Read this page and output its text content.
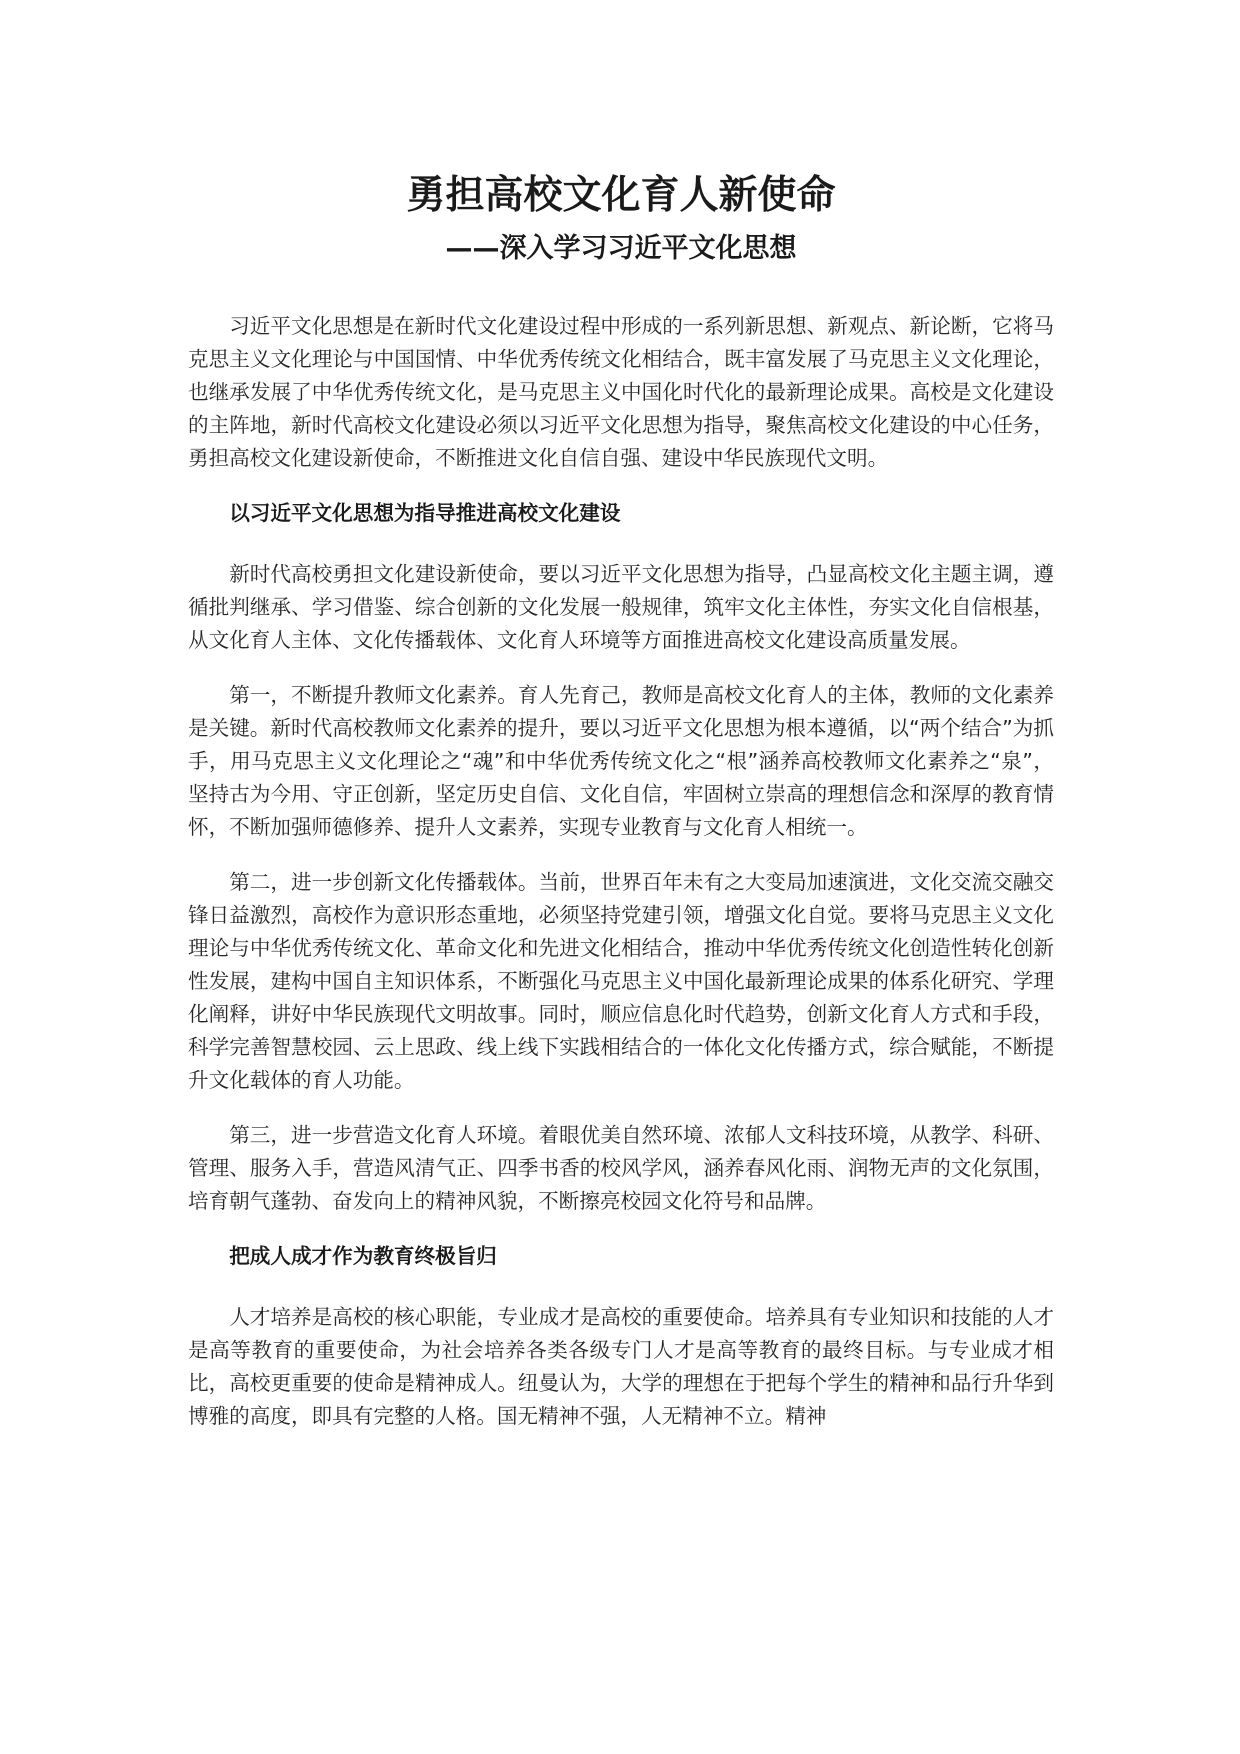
勇担高校文化育人新使命
——深入学习习近平文化思想

习近平文化思想是在新时代文化建设过程中形成的一系列新思想、新观点、新论断，它将马克思主义文化理论与中国国情、中华优秀传统文化相结合，既丰富发展了马克思主义文化理论，也继承发展了中华优秀传统文化，是马克思主义中国化时代化的最新理论成果。高校是文化建设的主阵地，新时代高校文化建设必须以习近平文化思想为指导，聚焦高校文化建设的中心任务，勇担高校文化建设新使命，不断推进文化自信自强、建设中华民族现代文明。

以习近平文化思想为指导推进高校文化建设

新时代高校勇担文化建设新使命，要以习近平文化思想为指导，凸显高校文化主题主调，遵循批判继承、学习借鉴、综合创新的文化发展一般规律，筑牢文化主体性，夯实文化自信根基，从文化育人主体、文化传播载体、文化育人环境等方面推进高校文化建设高质量发展。

第一，不断提升教师文化素养。育人先育己，教师是高校文化育人的主体，教师的文化素养是关键。新时代高校教师文化素养的提升，要以习近平文化思想为根本遵循，以“两个结合”为抓手，用马克思主义文化理论之“魂”和中华优秀传统文化之“根”涵养高校教师文化素养之“泉”，坚持古为今用、守正创新，坚定历史自信、文化自信，牢固树立崇高的理想信念和深厚的教育情怀，不断加强师德修养、提升人文素养，实现专业教育与文化育人相统一。

第二，进一步创新文化传播载体。当前，世界百年未有之大变局加速演进，文化交流交融交锋日益激烈，高校作为意识形态重地，必须坚持党建引领，增强文化自觉。要将马克思主义文化理论与中华优秀传统文化、革命文化和先进文化相结合，推动中华优秀传统文化创造性转化创新性发展，建构中国自主知识体系，不断强化马克思主义中国化最新理论成果的体系化研究、学理化阐释，讲好中华民族现代文明故事。同时，顺应信息化时代趋势，创新文化育人方式和手段，科学完善智慧校园、云上思政、线上线下实践相结合的一体化文化传播方式，综合赋能，不断提升文化载体的育人功能。

第三，进一步营造文化育人环境。着眼优美自然环境、浓郁人文科技环境，从教学、科研、管理、服务入手，营造风清气正、四季书香的校风学风，涵养春风化雨、润物无声的文化氛围，培育朝气蓬勃、奋发向上的精神风貌，不断擦亮校园文化符号和品牌。

把成人成才作为教育终极旨归

人才培养是高校的核心职能，专业成才是高校的重要使命。培养具有专业知识和技能的人才是高等教育的重要使命，为社会培养各类各级专门人才是高等教育的最终目标。与专业成才相比，高校更重要的使命是精神成人。纽曼认为，大学的理想在于把每个学生的精神和品行升华到博雅的高度，即具有完整的人格。国无精神不强，人无精神不立。精神
